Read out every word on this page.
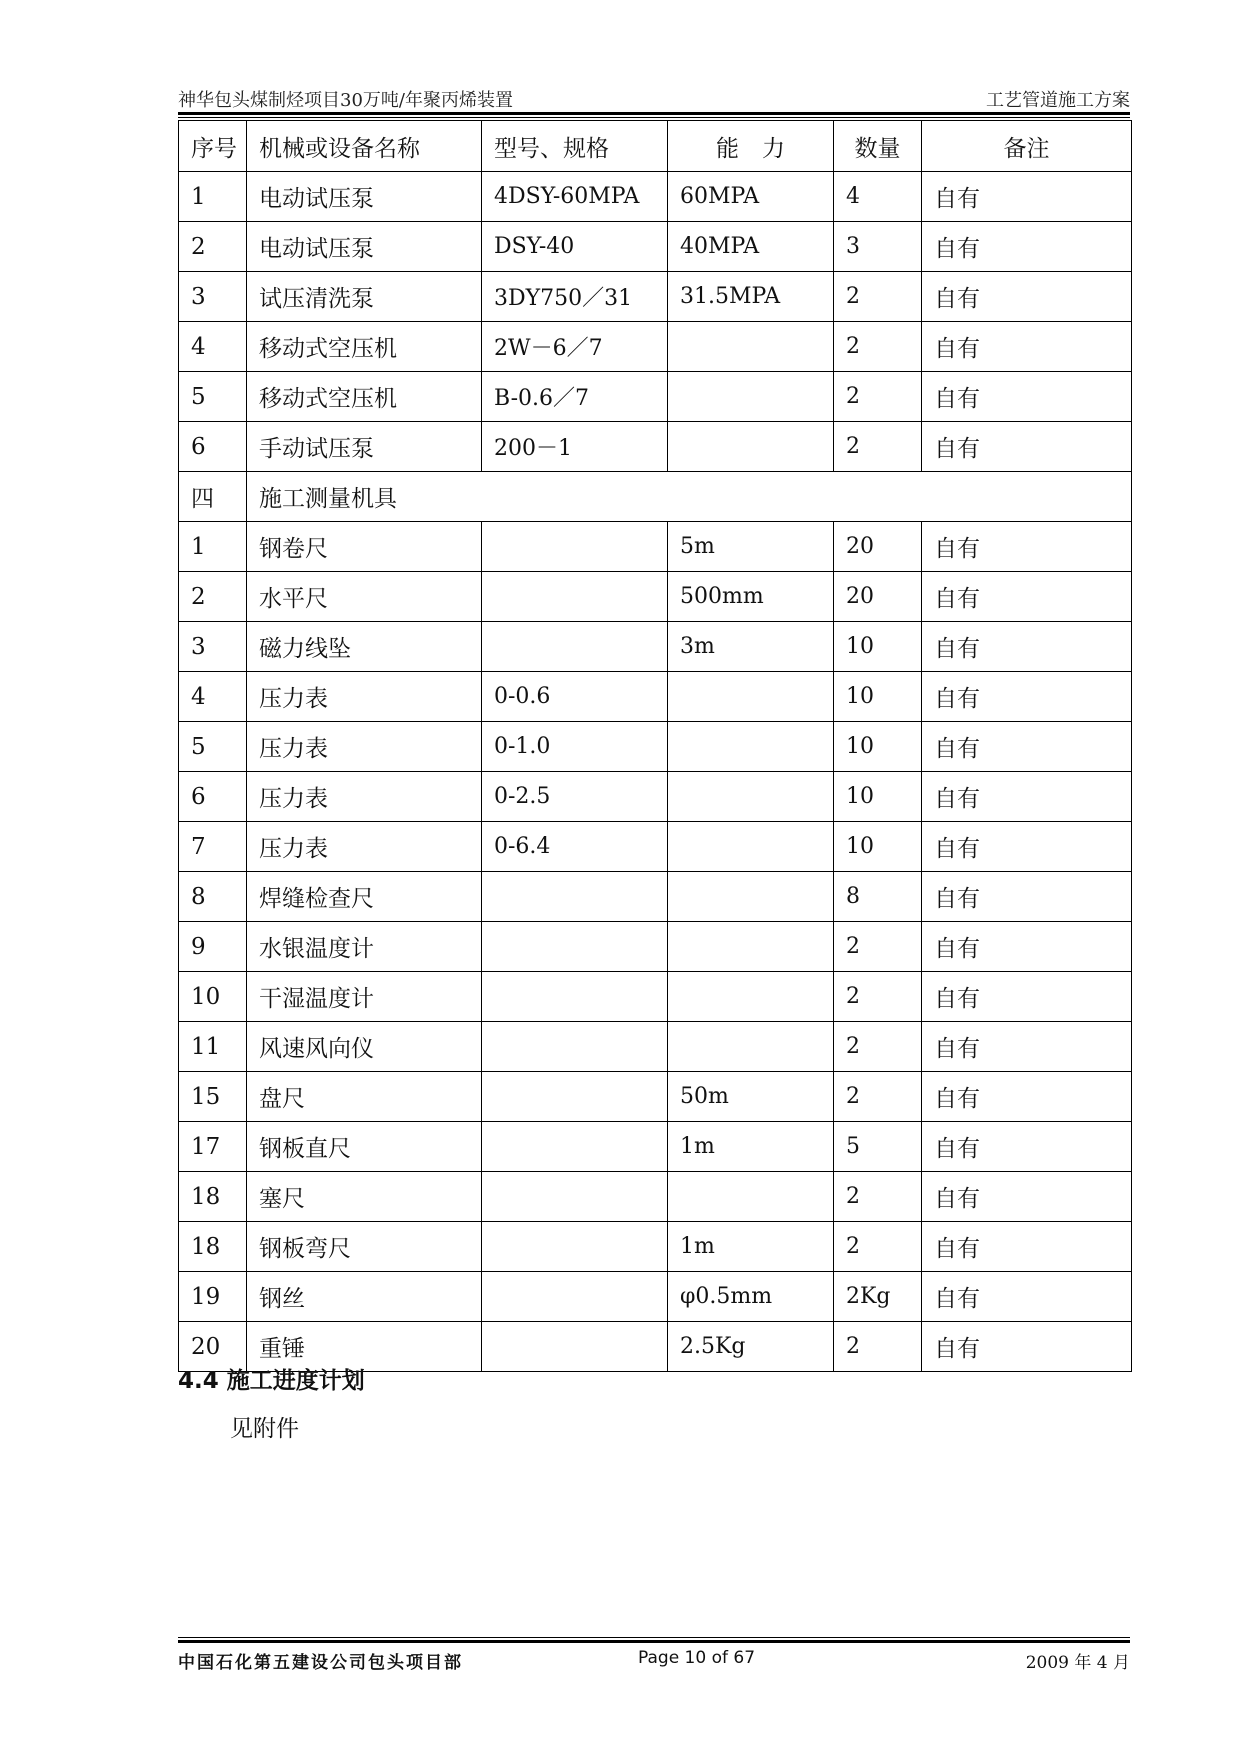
神华包头煤制烃项目30万吨/年聚丙烯装置	工艺管道施工方案
序号	机械或设备名称	型号、规格	能　力	数量	备注
1	电动试压泵	4DSY-60MPA	60MPA	4	自有
2	电动试压泵	DSY-40	40MPA	3	自有
3	试压清洗泵	3DY750／31	31.5MPA	2	自有
4	移动式空压机	2W－6／7		2	自有
5	移动式空压机	B-0.6／7		2	自有
6	手动试压泵	200－1		2	自有
四	施工测量机具				
1	钢卷尺		5m	20	自有
2	水平尺		500mm	20	自有
3	磁力线坠		3m	10	自有
4	压力表	0-0.6		10	自有
5	压力表	0-1.0		10	自有
6	压力表	0-2.5		10	自有
7	压力表	0-6.4		10	自有
8	焊缝检查尺			8	自有
9	水银温度计			2	自有
10	干湿温度计			2	自有
11	风速风向仪			2	自有
15	盘尺		50m	2	自有
17	钢板直尺		1m	5	自有
18	塞尺			2	自有
18	钢板弯尺		1m	2	自有
19	钢丝		φ0.5mm	2Kg	自有
20	重锤		2.5Kg	2	自有
4.4 施工进度计划
见附件
中国石化第五建设公司包头项目部	Page 10 of 67	2009 年 4 月
